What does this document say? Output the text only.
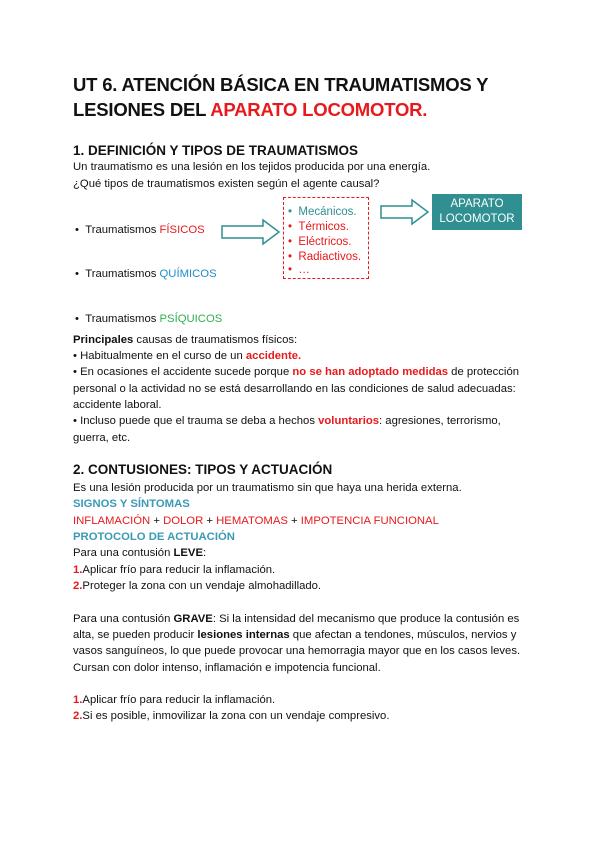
UT 6. ATENCIÓN BÁSICA EN TRAUMATISMOS Y
LESIONES DEL APARATO LOCOMOTOR.
1. DEFINICIÓN Y TIPOS DE TRAUMATISMOS
Un traumatismo es una lesión en los tejidos producida por una energía.
¿Qué tipos de traumatismos existen según el agente causal?
•  Traumatismos FÍSICOS
•  Traumatismos QUÍMICOS
•  Traumatismos PSÍQUICOS
•  Mecánicos.
•  Térmicos.
•  Eléctricos.
•  Radiactivos.
•  …
APARATO
LOCOMOTOR
Principales causas de traumatismos físicos:
• Habitualmente en el curso de un accidente.
• En ocasiones el accidente sucede porque no se han adoptado medidas de protección
personal o la actividad no se está desarrollando en las condiciones de salud adecuadas:
accidente laboral.
• Incluso puede que el trauma se deba a hechos voluntarios: agresiones, terrorismo,
guerra, etc.
2. CONTUSIONES: TIPOS Y ACTUACIÓN
Es una lesión producida por un traumatismo sin que haya una herida externa.
SIGNOS Y SÍNTOMAS
INFLAMACIÓN + DOLOR + HEMATOMAS + IMPOTENCIA FUNCIONAL
PROTOCOLO DE ACTUACIÓN
Para una contusión LEVE:
1.Aplicar frío para reducir la inflamación.
2.Proteger la zona con un vendaje almohadillado.
Para una contusión GRAVE: Si la intensidad del mecanismo que produce la contusión es
alta, se pueden producir lesiones internas que afectan a tendones, músculos, nervios y
vasos sanguíneos, lo que puede provocar una hemorragia mayor que en los casos leves.
Cursan con dolor intenso, inflamación e impotencia funcional.
1.Aplicar frío para reducir la inflamación.
2.Si es posible, inmovilizar la zona con un vendaje compresivo.
